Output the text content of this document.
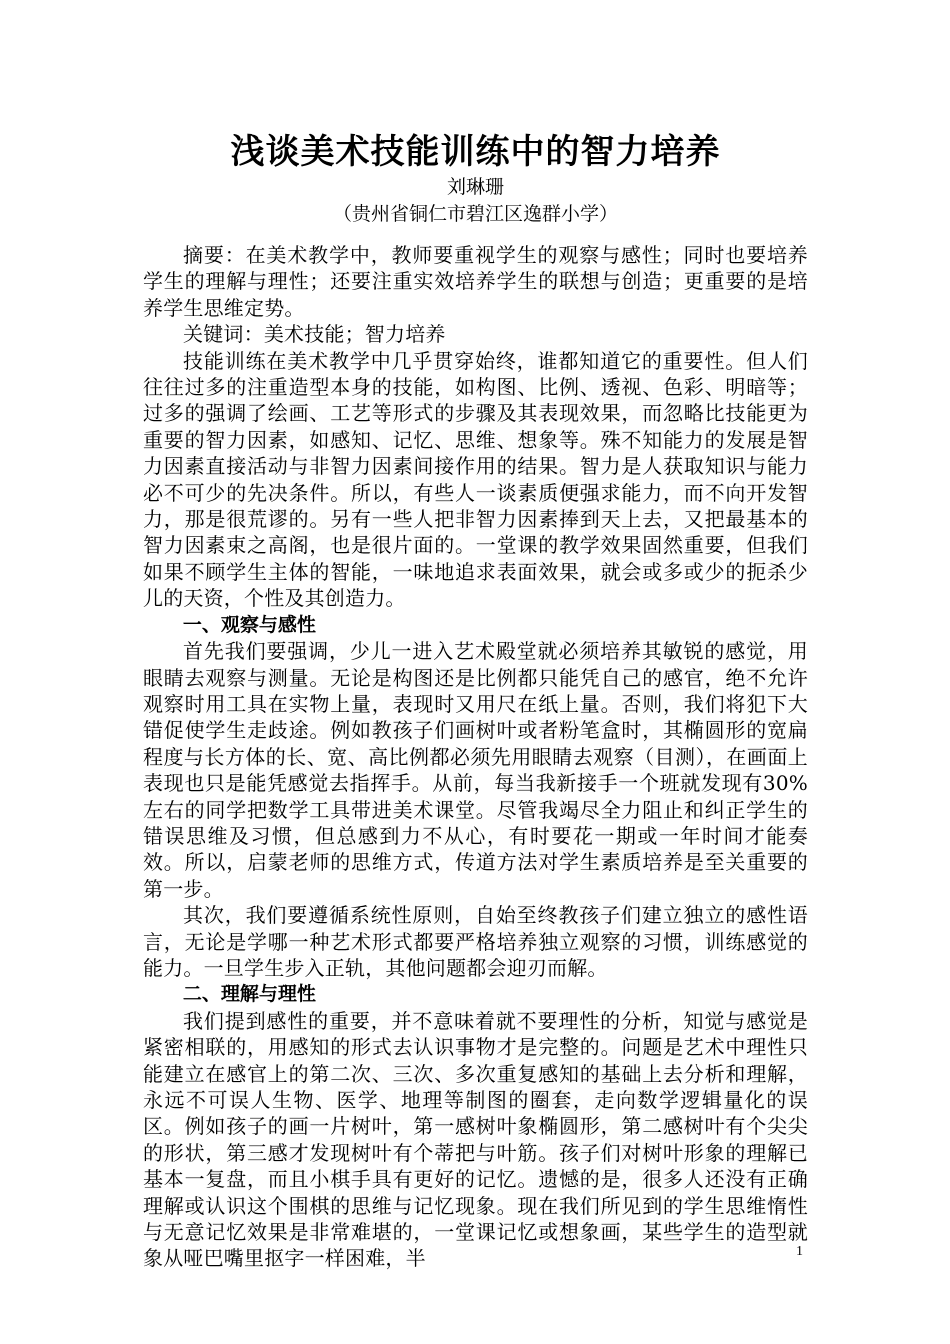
浅谈美术技能训练中的智力培养

刘琳珊

（贵州省铜仁市碧江区逸群小学）

摘要：在美术教学中，教师要重视学生的观察与感性；同时也要培养学生的理解与理性；还要注重实效培养学生的联想与创造；更重要的是培养学生思维定势。

关键词：美术技能；智力培养

技能训练在美术教学中几乎贯穿始终，谁都知道它的重要性。但人们往往过多的注重造型本身的技能，如构图、比例、透视、色彩、明暗等；过多的强调了绘画、工艺等形式的步骤及其表现效果，而忽略比技能更为重要的智力因素，如感知、记忆、思维、想象等。殊不知能力的发展是智力因素直接活动与非智力因素间接作用的结果。智力是人获取知识与能力必不可少的先决条件。所以，有些人一谈素质便强求能力，而不向开发智力，那是很荒谬的。另有一些人把非智力因素捧到天上去，又把最基本的智力因素束之高阁，也是很片面的。一堂课的教学效果固然重要，但我们如果不顾学生主体的智能，一味地追求表面效果，就会或多或少的扼杀少儿的天资，个性及其创造力。

一、观察与感性

首先我们要强调，少儿一进入艺术殿堂就必须培养其敏锐的感觉，用眼睛去观察与测量。无论是构图还是比例都只能凭自己的感官，绝不允许观察时用工具在实物上量，表现时又用尺在纸上量。否则，我们将犯下大错促使学生走歧途。例如教孩子们画树叶或者粉笔盒时，其椭圆形的宽扁程度与长方体的长、宽、高比例都必须先用眼睛去观察（目测），在画面上表现也只是能凭感觉去指挥手。从前，每当我新接手一个班就发现有30%左右的同学把数学工具带进美术课堂。尽管我竭尽全力阻止和纠正学生的错误思维及习惯，但总感到力不从心，有时要花一期或一年时间才能奏效。所以，启蒙老师的思维方式，传道方法对学生素质培养是至关重要的第一步。

其次，我们要遵循系统性原则，自始至终教孩子们建立独立的感性语言，无论是学哪一种艺术形式都要严格培养独立观察的习惯，训练感觉的能力。一旦学生步入正轨，其他问题都会迎刃而解。

二、理解与理性

我们提到感性的重要，并不意味着就不要理性的分析，知觉与感觉是紧密相联的，用感知的形式去认识事物才是完整的。问题是艺术中理性只能建立在感官上的第二次、三次、多次重复感知的基础上去分析和理解，永远不可误人生物、医学、地理等制图的圈套，走向数学逻辑量化的误区。例如孩子的画一片树叶，第一感树叶象椭圆形，第二感树叶有个尖尖的形状，第三感才发现树叶有个蒂把与叶筋。孩子们对树叶形象的理解已基本一复盘，而且小棋手具有更好的记忆。遗憾的是，很多人还没有正确理解或认识这个围棋的思维与记忆现象。现在我们所见到的学生思维惰性与无意记忆效果是非常难堪的，一堂课记忆或想象画，某些学生的造型就象从哑巴嘴里抠字一样困难，半	1
